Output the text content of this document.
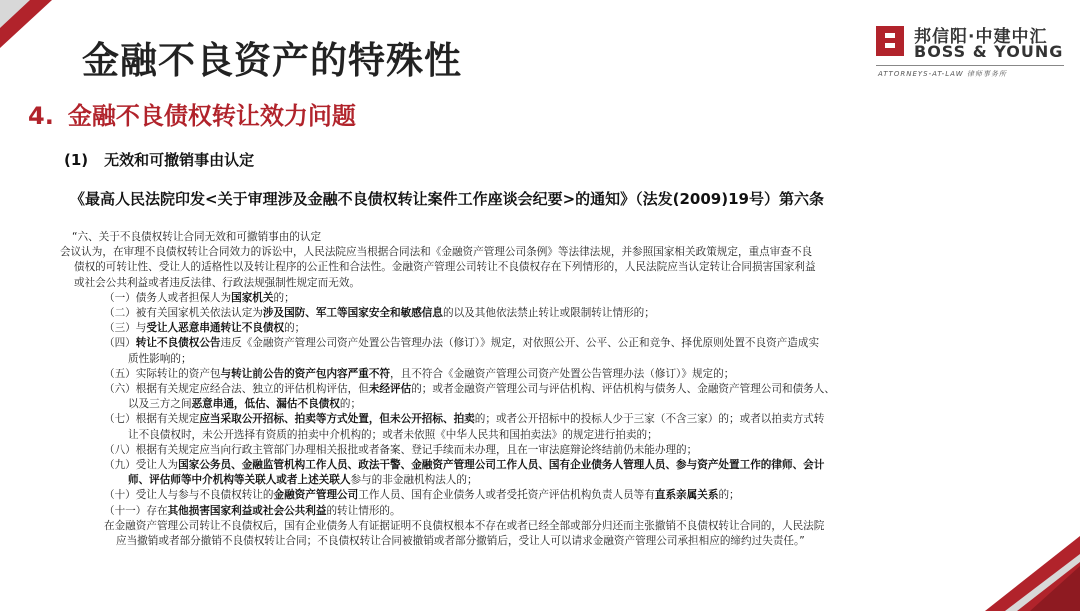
金融不良资产的特殊性
邦信阳·中建中汇
BOSS & YOUNG
ATTORNEYS-AT-LAW 律师事务所
4. 金融不良债权转让效力问题
(1) 无效和可撤销事由认定
《最高人民法院印发<关于审理涉及金融不良债权转让案件工作座谈会纪要>的通知》（法发(2009)19号）第六条
“六、关于不良债权转让合同无效和可撤销事由的认定
会议认为，在审理不良债权转让合同效力的诉讼中，人民法院应当根据合同法和《金融资产管理公司条例》等法律法规，并参照国家相关政策规定，重点审查不良
债权的可转让性、受让人的适格性以及转让程序的公正性和合法性。金融资产管理公司转让不良债权存在下列情形的，人民法院应当认定转让合同损害国家利益
或社会公共利益或者违反法律、行政法规强制性规定而无效。
（一）债务人或者担保人为国家机关的；
（二）被有关国家机关依法认定为涉及国防、军工等国家安全和敏感信息的以及其他依法禁止转让或限制转让情形的；
（三）与受让人恶意串通转让不良债权的；
（四）转让不良债权公告违反《金融资产管理公司资产处置公告管理办法（修订）》规定，对依照公开、公平、公正和竞争、择优原则处置不良资产造成实
质性影响的；
（五）实际转让的资产包与转让前公告的资产包内容严重不符，且不符合《金融资产管理公司资产处置公告管理办法（修订）》规定的；
（六）根据有关规定应经合法、独立的评估机构评估，但未经评估的；或者金融资产管理公司与评估机构、评估机构与债务人、金融资产管理公司和债务人、
以及三方之间恶意串通，低估、漏估不良债权的；
（七）根据有关规定应当采取公开招标、拍卖等方式处置，但未公开招标、拍卖的；或者公开招标中的投标人少于三家（不含三家）的；或者以拍卖方式转
让不良债权时，未公开选择有资质的拍卖中介机构的；或者未依照《中华人民共和国拍卖法》的规定进行拍卖的；
（八）根据有关规定应当向行政主管部门办理相关报批或者备案、登记手续而未办理，且在一审法庭辩论终结前仍未能办理的；
（九）受让人为国家公务员、金融监管机构工作人员、政法干警、金融资产管理公司工作人员、国有企业债务人管理人员、参与资产处置工作的律师、会计
师、评估师等中介机构等关联人或者上述关联人参与的非金融机构法人的；
（十）受让人与参与不良债权转让的金融资产管理公司工作人员、国有企业债务人或者受托资产评估机构负责人员等有直系亲属关系的；
（十一）存在其他损害国家利益或社会公共利益的转让情形的。
在金融资产管理公司转让不良债权后，国有企业债务人有证据证明不良债权根本不存在或者已经全部或部分归还而主张撤销不良债权转让合同的，人民法院
应当撤销或者部分撤销不良债权转让合同；不良债权转让合同被撤销或者部分撤销后，受让人可以请求金融资产管理公司承担相应的缔约过失责任。”
